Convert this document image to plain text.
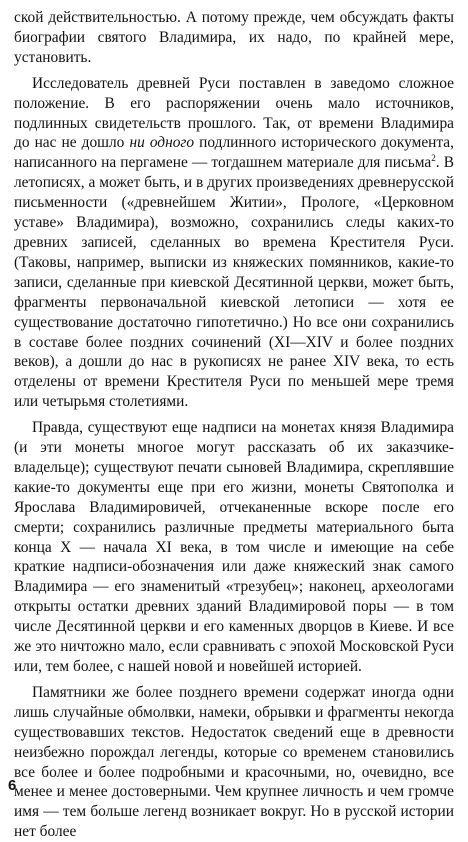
ской действительностью. А потому прежде, чем обсуждать факты биографии святого Владимира, их надо, по крайней мере, установить.

Исследователь древней Руси поставлен в заведомо сложное положение. В его распоряжении очень мало источников, подлинных свидетельств прошлого. Так, от времени Владимира до нас не дошло ни одного подлинного исторического документа, написанного на пергамене — тогдашнем материале для письма$^2$. В летописях, а может быть, и в других произведениях древнерусской письменности («древнейшем Житии», Прологе, «Церковном уставе» Владимира), возможно, сохранились следы каких-то древних записей, сделанных во времена Крестителя Руси. (Таковы, например, выписки из княжеских помянников, какие-то записи, сделанные при киевской Десятинной церкви, может быть, фрагменты первоначальной киевской летописи — хотя ее существование достаточно гипотетично.) Но все они сохранились в составе более поздних сочинений (XI—XIV и более поздних веков), а дошли до нас в рукописях не ранее XIV века, то есть отделены от времени Крестителя Руси по меньшей мере тремя или четырьмя столетиями.

Правда, существуют еще надписи на монетах князя Владимира (и эти монеты многое могут рассказать об их заказчике-владельце); существуют печати сыновей Владимира, скреплявшие какие-то документы еще при его жизни, монеты Святополка и Ярослава Владимировичей, отчеканенные вскоре после его смерти; сохранились различные предметы материального быта конца X — начала XI века, в том числе и имеющие на себе краткие надписи-обозначения или даже княжеский знак самого Владимира — его знаменитый «трезубец»; наконец, археологами открыты остатки древних зданий Владимировой поры — в том числе Десятинной церкви и его каменных дворцов в Киеве. И все же это ничтожно мало, если сравнивать с эпохой Московской Руси или, тем более, с нашей новой и новейшей историей.

Памятники же более позднего времени содержат иногда одни лишь случайные обмолвки, намеки, обрывки и фрагменты некогда существовавших текстов. Недостаток сведений еще в древности неизбежно порождал легенды, которые со временем становились все более и более подробными и красочными, но, очевидно, все менее и менее достоверными. Чем крупнее личность и чем громче имя — тем больше легенд возникает вокруг. Но в русской истории нет более

6
